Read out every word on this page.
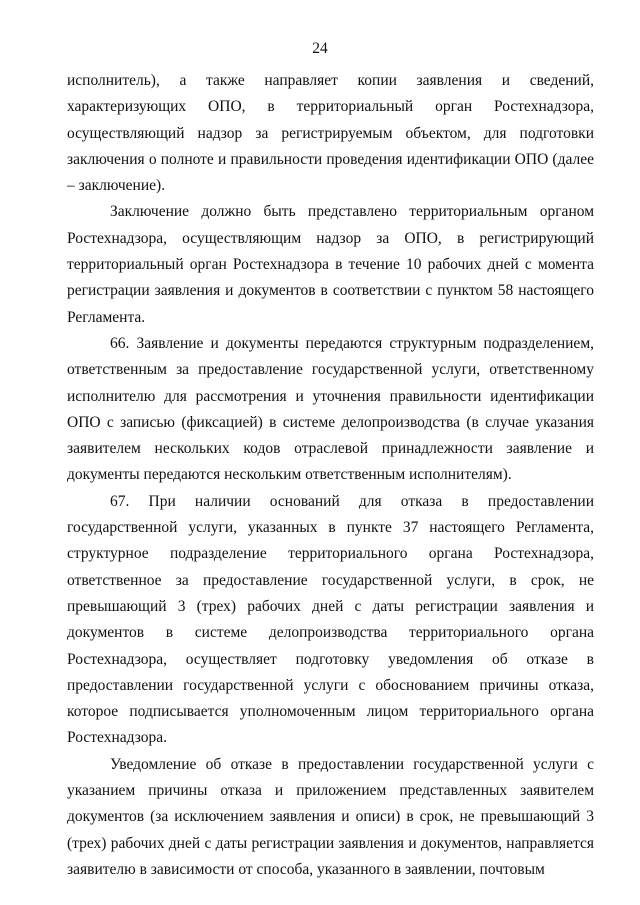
24

исполнитель), а также направляет копии заявления и сведений, характеризующих ОПО, в территориальный орган Ростехнадзора, осуществляющий надзор за регистрируемым объектом, для подготовки заключения о полноте и правильности проведения идентификации ОПО (далее – заключение).

Заключение должно быть представлено территориальным органом Ростехнадзора, осуществляющим надзор за ОПО, в регистрирующий территориальный орган Ростехнадзора в течение 10 рабочих дней с момента регистрации заявления и документов в соответствии с пунктом 58 настоящего Регламента.

66. Заявление и документы передаются структурным подразделением, ответственным за предоставление государственной услуги, ответственному исполнителю для рассмотрения и уточнения правильности идентификации ОПО с записью (фиксацией) в системе делопроизводства (в случае указания заявителем нескольких кодов отраслевой принадлежности заявление и документы передаются нескольким ответственным исполнителям).

67. При наличии оснований для отказа в предоставлении государственной услуги, указанных в пункте 37 настоящего Регламента, структурное подразделение территориального органа Ростехнадзора, ответственное за предоставление государственной услуги, в срок, не превышающий 3 (трех) рабочих дней с даты регистрации заявления и документов в системе делопроизводства территориального органа Ростехнадзора, осуществляет подготовку уведомления об отказе в предоставлении государственной услуги с обоснованием причины отказа, которое подписывается уполномоченным лицом территориального органа Ростехнадзора.

Уведомление об отказе в предоставлении государственной услуги с указанием причины отказа и приложением представленных заявителем документов (за исключением заявления и описи) в срок, не превышающий 3 (трех) рабочих дней с даты регистрации заявления и документов, направляется заявителю в зависимости от способа, указанного в заявлении, почтовым
